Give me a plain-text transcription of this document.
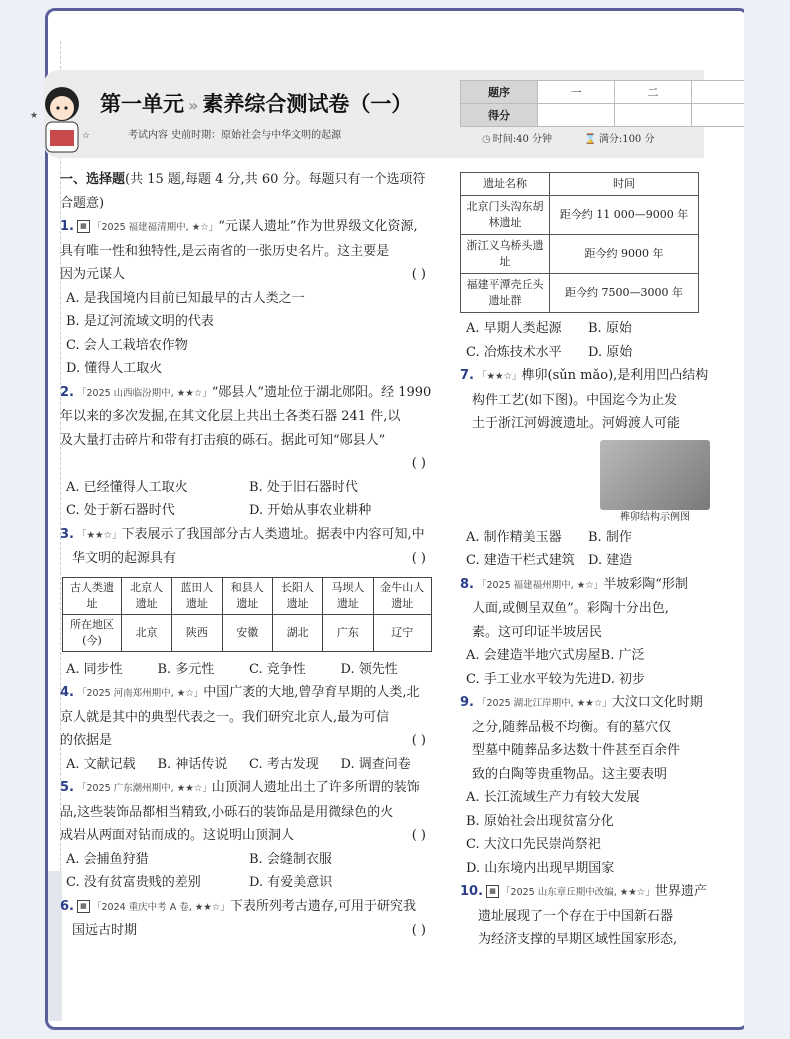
★
☆
第一单元 » 素养综合测试卷（一）
考试内容 史前时期：原始社会与中华文明的起源
题序	一	二	
得分			
◷ 时间:40 分钟	⌛ 满分:100 分
一、选择题(共 15 题,每题 4 分,共 60 分。每题只有一个选项符
合题意)
1. ▦ 「2025 福建福清期中, ★☆」“元谋人遗址”作为世界级文化资源,
具有唯一性和独特性,是云南省的一张历史名片。这主要是
因为元谋人	( )
A. 是我国境内目前已知最早的古人类之一
B. 是辽河流域文明的代表
C. 会人工栽培农作物
D. 懂得人工取火
2. 「2025 山西临汾期中, ★★☆」“郧县人”遗址位于湖北郧阳。经 1990
年以来的多次发掘,在其文化层上共出土各类石器 241 件,以
及大量打击碎片和带有打击痕的砾石。据此可知“郧县人”

( )

A. 已经懂得人工取火	B. 处于旧石器时代
C. 处于新石器时代	D. 开始从事农业耕种
3. 「★★☆」下表展示了我国部分古人类遗址。据表中内容可知,中
华文明的起源具有	( )
古人类遗址	北京人遗址	蓝田人遗址	和县人遗址	长阳人遗址	马坝人遗址	金牛山人遗址
所在地区(今)	北京	陕西	安徽	湖北	广东	辽宁
A. 同步性	B. 多元性	C. 竞争性	D. 领先性
4. 「2025 河南郑州期中, ★☆」中国广袤的大地,曾孕育早期的人类,北
京人就是其中的典型代表之一。我们研究北京人,最为可信
的依据是	( )
A. 文献记载	B. 神话传说	C. 考古发现	D. 调查问卷
5. 「2025 广东潮州期中, ★★☆」山顶洞人遗址出土了许多所谓的装饰
品,这些装饰品都相当精致,小砾石的装饰品是用微绿色的火
成岩从两面对钻而成的。这说明山顶洞人	( )
A. 会捕鱼狩猎	B. 会缝制衣服
C. 没有贫富贵贱的差别	D. 有爱美意识
6. ▦ 「2024 重庆中考 A 卷, ★★☆」下表所列考古遗存,可用于研究我
国远古时期	( )
遗址名称	时间
北京门头沟东胡林遗址	距今约 11 000—9000 年
浙江义乌桥头遗址	距今约 9000 年
福建平潭壳丘头遗址群	距今约 7500—3000 年
A. 早期人类起源	B. 原始
C. 冶炼技术水平	D. 原始
7. 「★★☆」榫卯(sǔn mǎo),是利用凹凸结构
构件工艺(如下图)。中国迄今为止发
土于浙江河姆渡遗址。河姆渡人可能
榫卯结构示例图
A. 制作精美玉器	B. 制作
C. 建造干栏式建筑	D. 建造
8. 「2025 福建福州期中, ★☆」半坡彩陶“形制
人面,或侧呈双鱼”。彩陶十分出色,
素。这可印证半坡居民
A. 会建造半地穴式房屋 B. 广泛
C. 手工业水平较为先进 D. 初步
9. 「2025 湖北江岸期中, ★★☆」大汶口文化时期
之分,随葬品极不均衡。有的墓穴仅
型墓中随葬品多达数十件甚至百余件
致的白陶等贵重物品。这主要表明
A. 长江流域生产力有较大发展
B. 原始社会出现贫富分化
C. 大汶口先民崇尚祭祀
D. 山东境内出现早期国家
10. ▦ 「2025 山东章丘期中改编, ★★☆」世界遗产
遗址展现了一个存在于中国新石器
为经济支撑的早期区域性国家形态,
